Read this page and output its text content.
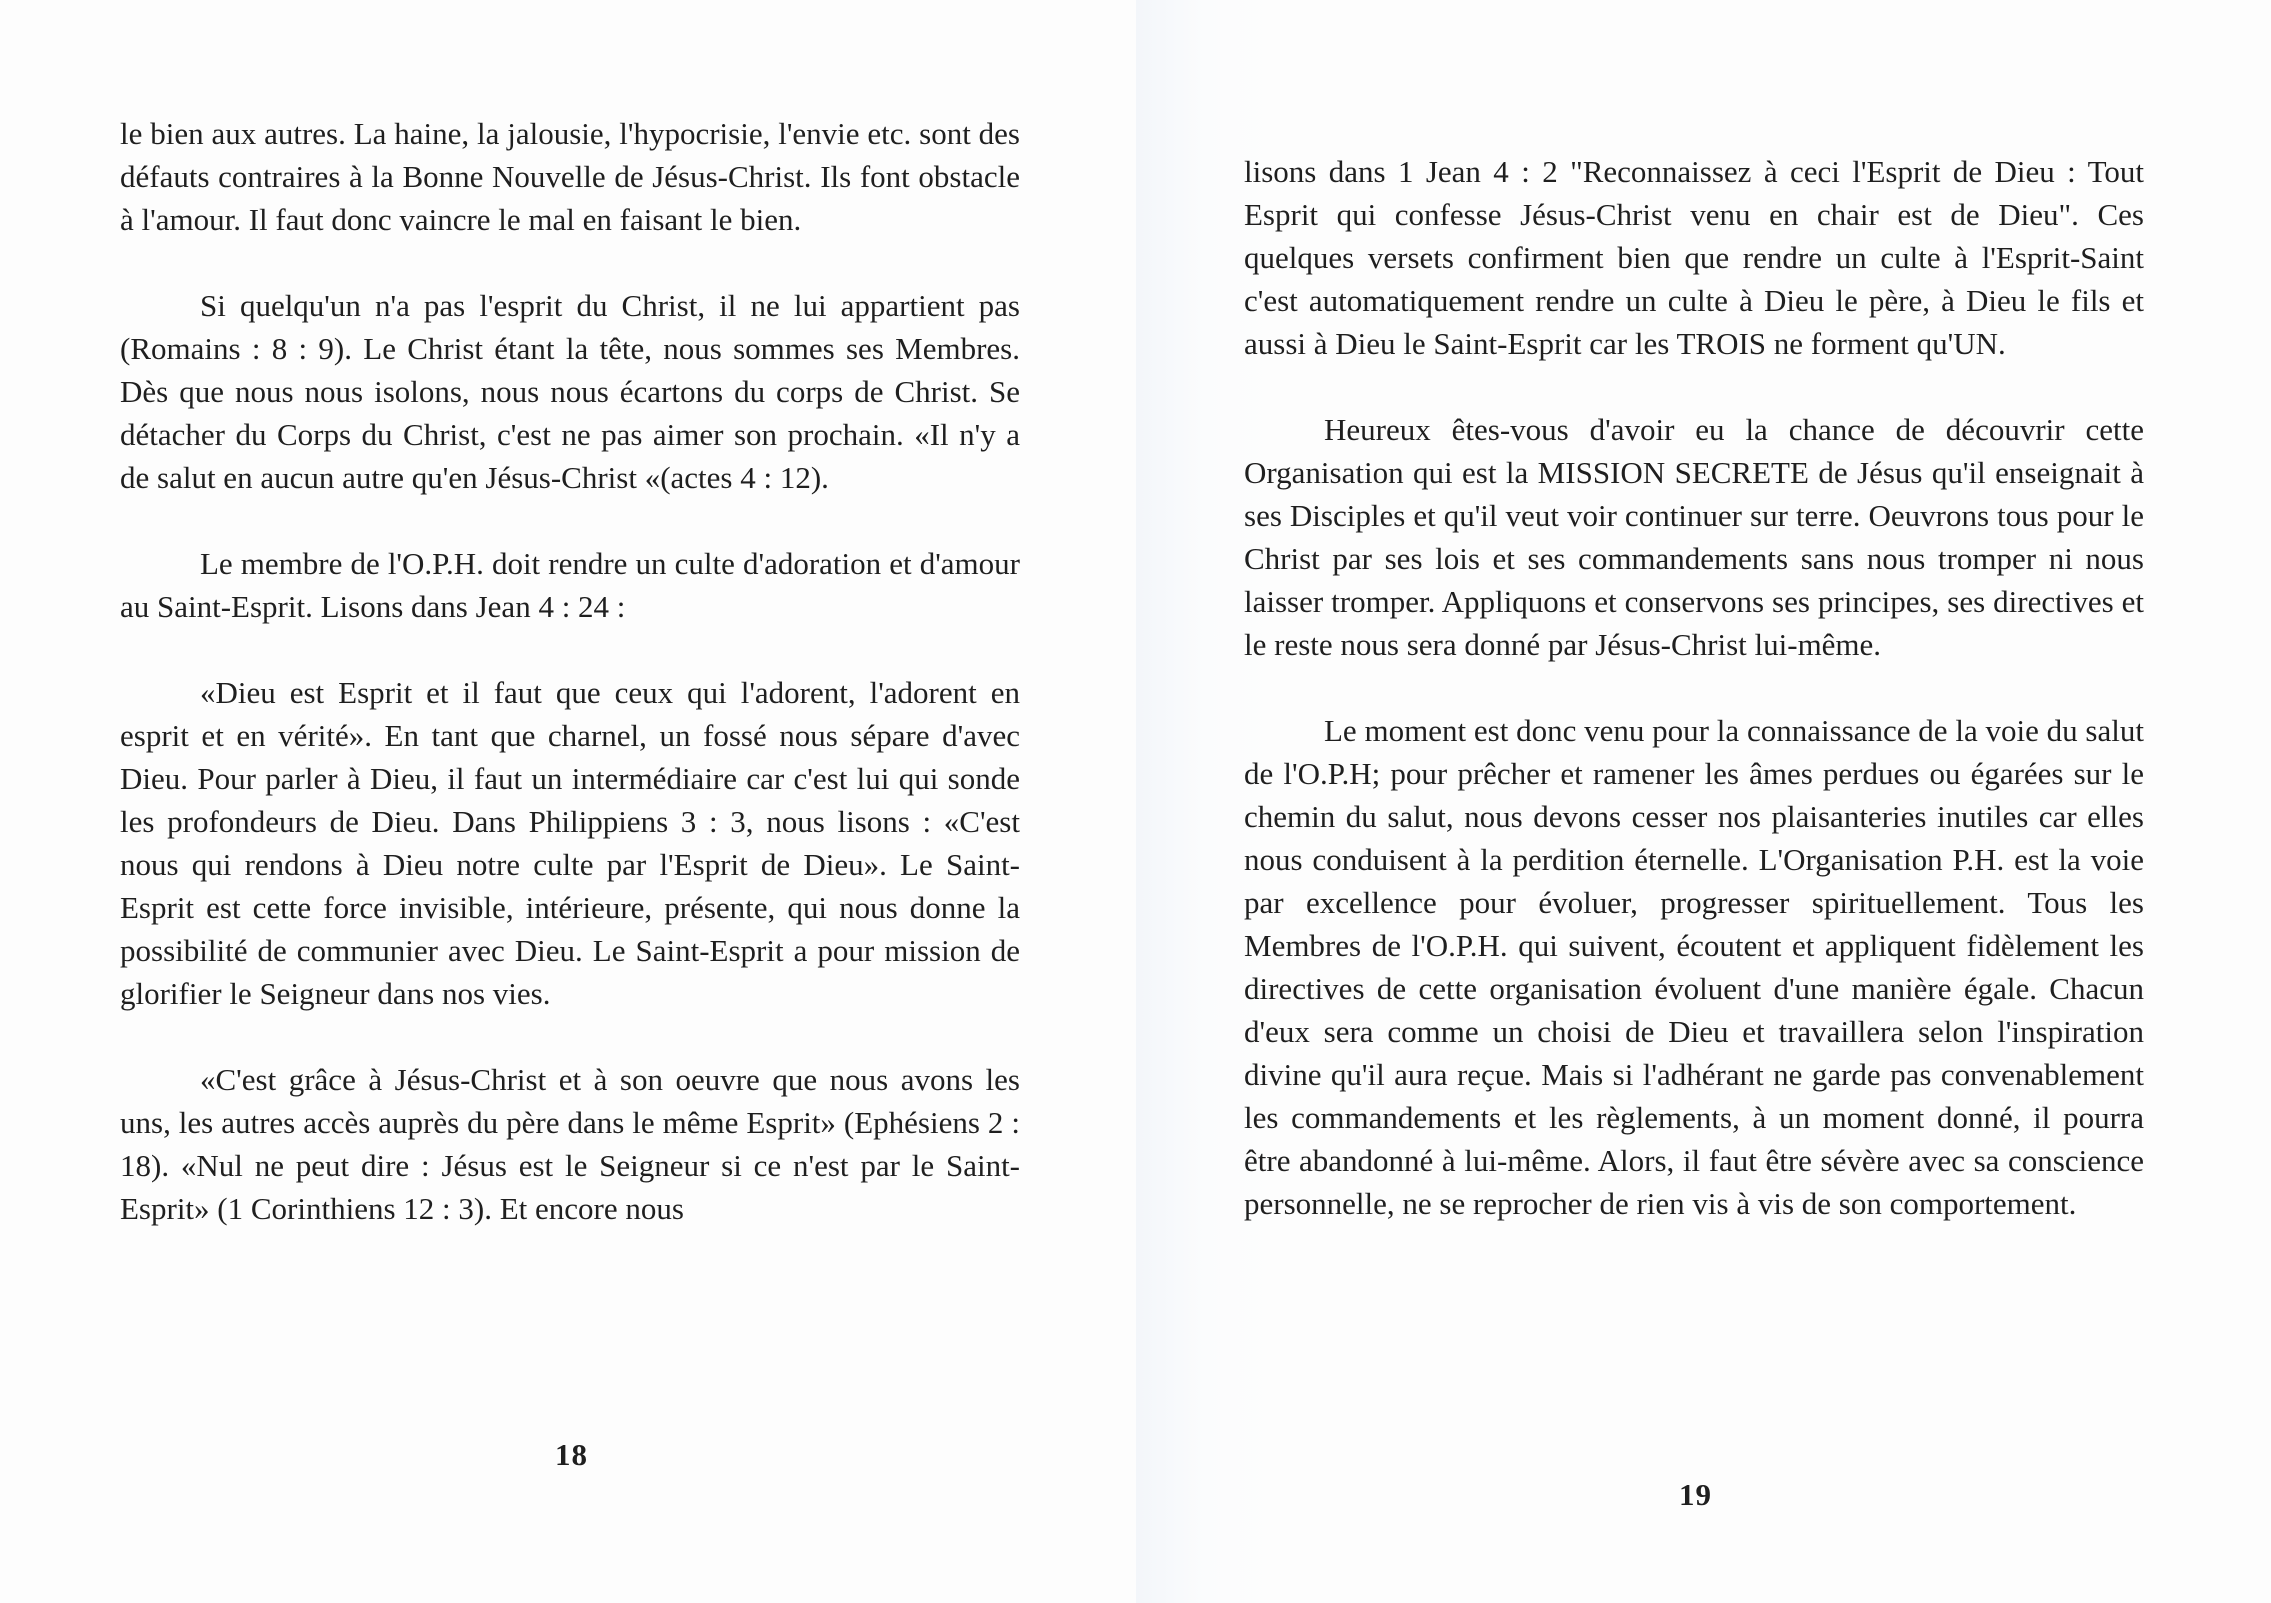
le bien aux autres. La haine, la jalousie, l'hypocrisie, l'envie etc. sont des défauts contraires à la Bonne Nouvelle de Jésus-Christ. Ils font obstacle à l'amour. Il faut donc vaincre le mal en faisant le bien.

Si quelqu'un n'a pas l'esprit du Christ, il ne lui appartient pas (Romains : 8 : 9). Le Christ étant la tête, nous sommes ses Membres. Dès que nous nous isolons, nous nous écartons du corps de Christ. Se détacher du Corps du Christ, c'est ne pas aimer son prochain. «Il n'y a de salut en aucun autre qu'en Jésus-Christ «(actes 4 : 12).

Le membre de l'O.P.H. doit rendre un culte d'adoration et d'amour au Saint-Esprit. Lisons dans Jean 4 : 24 :

«Dieu est Esprit et il faut que ceux qui l'adorent, l'adorent en esprit et en vérité». En tant que charnel, un fossé nous sépare d'avec Dieu. Pour parler à Dieu, il faut un intermédiaire car c'est lui qui sonde les profondeurs de Dieu. Dans Philippiens 3 : 3, nous lisons : «C'est nous qui rendons à Dieu notre culte par l'Esprit de Dieu». Le Saint-Esprit est cette force invisible, intérieure, présente, qui nous donne la possibilité de communier avec Dieu. Le Saint-Esprit a pour mission de glorifier le Seigneur dans nos vies.

«C'est grâce à Jésus-Christ et à son oeuvre que nous avons les uns, les autres accès auprès du père dans le même Esprit» (Ephésiens 2 : 18). «Nul ne peut dire : Jésus est le Seigneur si ce n'est par le Saint-Esprit» (1 Corinthiens 12 : 3). Et encore nous

18

lisons dans 1 Jean 4 : 2 "Reconnaissez à ceci l'Esprit de Dieu : Tout Esprit qui confesse Jésus-Christ venu en chair est de Dieu". Ces quelques versets confirment bien que rendre un culte à l'Esprit-Saint c'est automatiquement rendre un culte à Dieu le père, à Dieu le fils et aussi à Dieu le Saint-Esprit car les TROIS ne forment qu'UN.

Heureux êtes-vous d'avoir eu la chance de découvrir cette Organisation qui est la MISSION SECRETE de Jésus qu'il enseignait à ses Disciples et qu'il veut voir continuer sur terre. Oeuvrons tous pour le Christ par ses lois et ses commandements sans nous tromper ni nous laisser tromper. Appliquons et conservons ses principes, ses directives et le reste nous sera donné par Jésus-Christ lui-même.

Le moment est donc venu pour la connaissance de la voie du salut de l'O.P.H; pour prêcher et ramener les âmes perdues ou égarées sur le chemin du salut, nous devons cesser nos plaisanteries inutiles car elles nous conduisent à la perdition éternelle. L'Organisation P.H. est la voie par excellence pour évoluer, progresser spirituellement. Tous les Membres de l'O.P.H. qui suivent, écoutent et appliquent fidèlement les directives de cette organisation évoluent d'une manière égale. Chacun d'eux sera comme un choisi de Dieu et travaillera selon l'inspiration divine qu'il aura reçue. Mais si l'adhérant ne garde pas convenablement les commandements et les règlements, à un moment donné, il pourra être abandonné à lui-même. Alors, il faut être sévère avec sa conscience personnelle, ne se reprocher de rien vis à vis de son comportement.

19
